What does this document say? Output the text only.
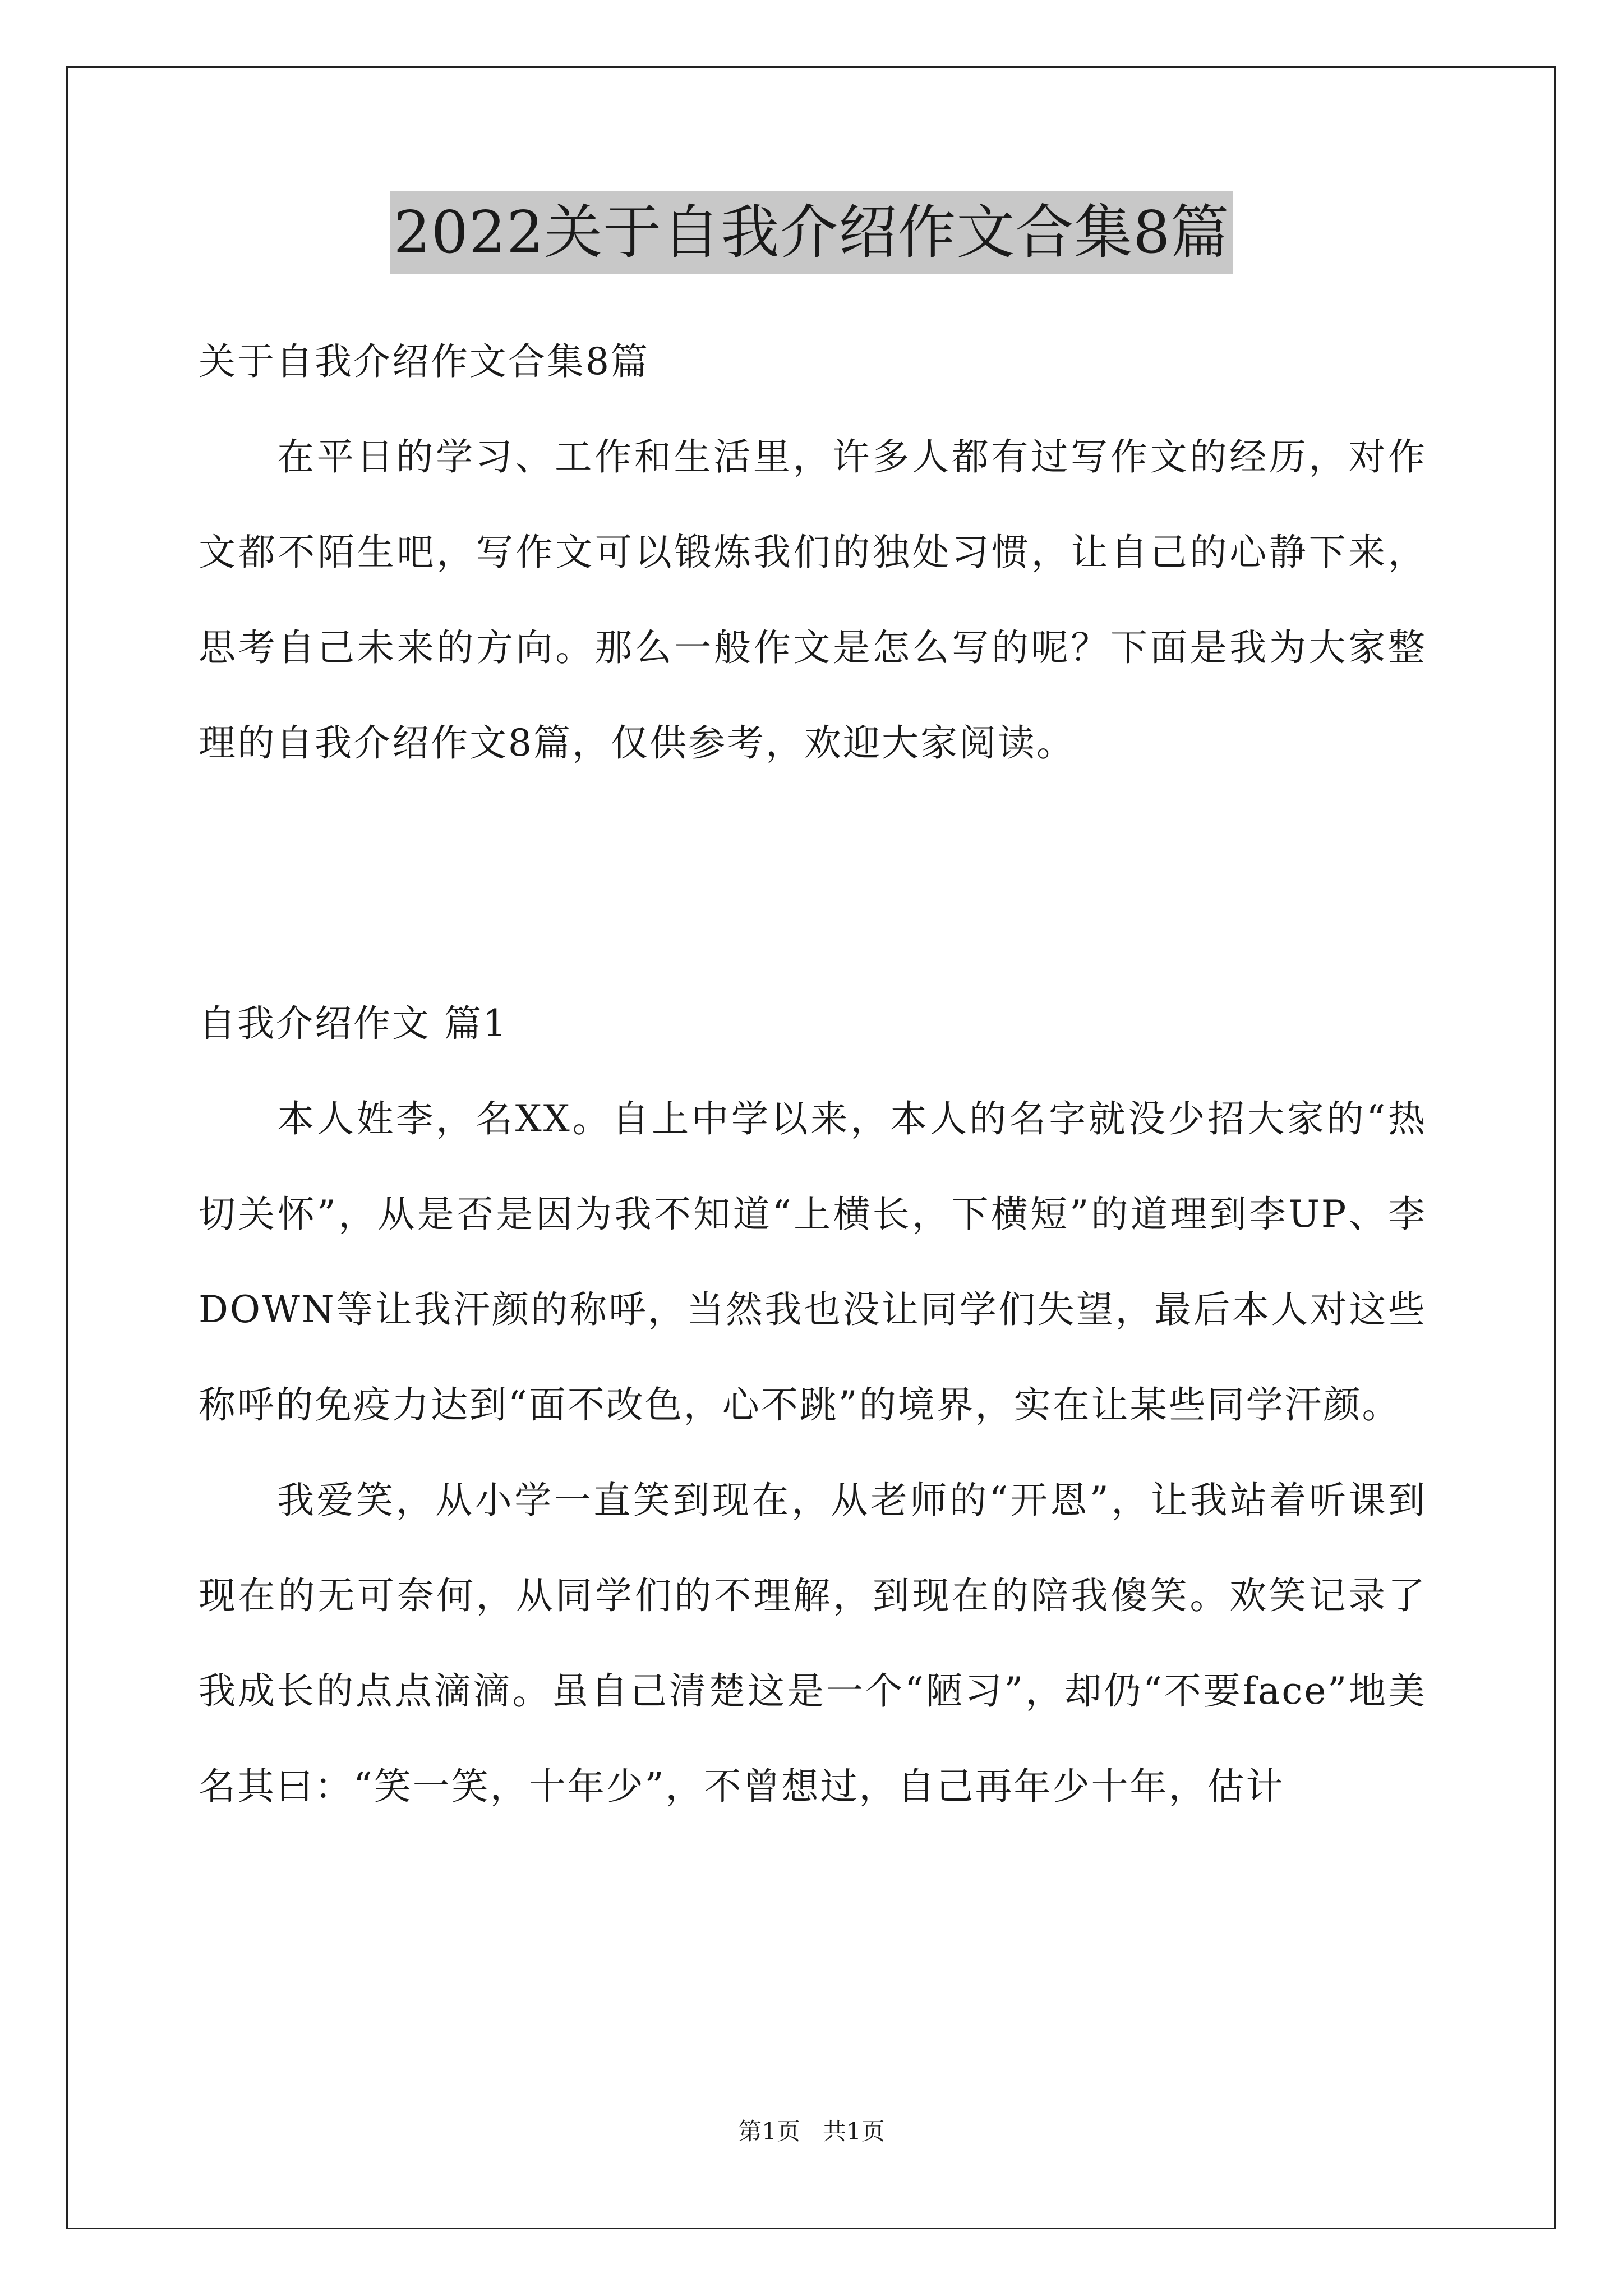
2022关于自我介绍作文合集8篇

关于自我介绍作文合集8篇

在平日的学习、工作和生活里，许多人都有过写作文的经历，对作文都不陌生吧，写作文可以锻炼我们的独处习惯，让自己的心静下来，思考自己未来的方向。那么一般作文是怎么写的呢？下面是我为大家整理的自我介绍作文8篇，仅供参考，欢迎大家阅读。

自我介绍作文 篇1

本人姓李，名XX。自上中学以来，本人的名字就没少招大家的“热切关怀”，从是否是因为我不知道“上横长，下横短”的道理到李UP、李DOWN等让我汗颜的称呼，当然我也没让同学们失望，最后本人对这些称呼的免疫力达到“面不改色，心不跳”的境界，实在让某些同学汗颜。

我爱笑，从小学一直笑到现在，从老师的“开恩”，让我站着听课到现在的无可奈何，从同学们的不理解，到现在的陪我傻笑。欢笑记录了我成长的点点滴滴。虽自己清楚这是一个“陋习”，却仍“不要face”地美名其曰：“笑一笑，十年少”，不曾想过，自己再年少十年，估计

第1页   共1页
